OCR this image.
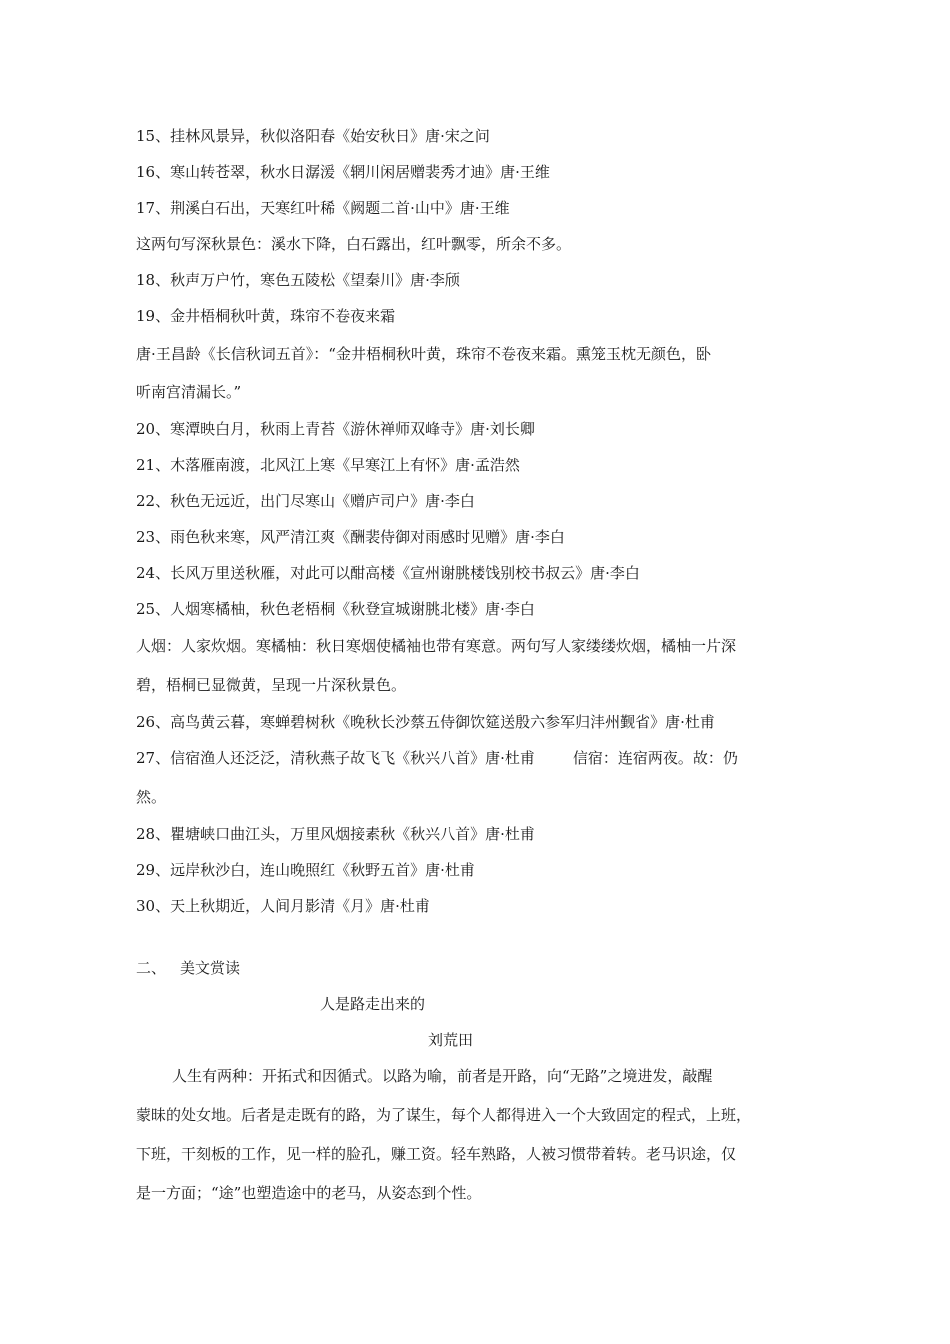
15、挂林风景异，秋似洛阳春《始安秋日》唐·宋之问
16、寒山转苍翠，秋水日潺湲《辋川闲居赠裴秀才迪》唐·王维
17、荆溪白石出，天寒红叶稀《阙题二首·山中》唐·王维
这两句写深秋景色：溪水下降，白石露出，红叶飘零，所余不多。
18、秋声万户竹，寒色五陵松《望秦川》唐·李颀
19、金井梧桐秋叶黄，珠帘不卷夜来霜
唐·王昌龄《长信秋词五首》：“金井梧桐秋叶黄，珠帘不卷夜来霜。熏笼玉枕无颜色，卧
听南宫清漏长。”
20、寒潭映白月，秋雨上青苔《游休禅师双峰寺》唐·刘长卿
21、木落雁南渡，北风江上寒《早寒江上有怀》唐·孟浩然
22、秋色无远近，出门尽寒山《赠庐司户》唐·李白
23、雨色秋来寒，风严清江爽《酬裴侍御对雨感时见赠》唐·李白
24、长风万里送秋雁，对此可以酣高楼《宣州谢朓楼饯别校书叔云》唐·李白
25、人烟寒橘柚，秋色老梧桐《秋登宣城谢朓北楼》唐·李白
人烟：人家炊烟。寒橘柚：秋日寒烟使橘袖也带有寒意。两句写人家缕缕炊烟，橘柚一片深
碧，梧桐已显微黄，呈现一片深秋景色。
26、高鸟黄云暮，寒蝉碧树秋《晚秋长沙蔡五侍御饮筵送殷六参军归沣州觐省》唐·杜甫
27、信宿渔人还泛泛，清秋燕子故飞飞《秋兴八首》唐·杜甫	信宿：连宿两夜。故：仍
然。
28、瞿塘峡口曲江头，万里风烟接素秋《秋兴八首》唐·杜甫
29、远岸秋沙白，连山晚照红《秋野五首》唐·杜甫
30、天上秋期近，人间月影清《月》唐·杜甫
二、 美文赏读
人是路走出来的
刘荒田
人生有两种：开拓式和因循式。以路为喻，前者是开路，向“无路”之境进发，敲醒
蒙昧的处女地。后者是走既有的路，为了谋生，每个人都得进入一个大致固定的程式，上班，
下班，干刻板的工作，见一样的脸孔，赚工资。轻车熟路，人被习惯带着转。老马识途，仅
是一方面；“途”也塑造途中的老马，从姿态到个性。
